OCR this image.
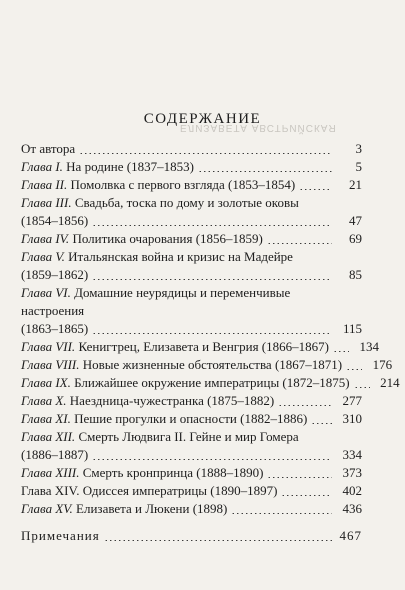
ЕЛИЗАВЕТА АВСТРИЙСКАЯ
СОДЕРЖАНИЕ
От автора	3
Глава I. На родине (1837–1853)	5
Глава II. Помолвка с первого взгляда (1853–1854)	21
Глава III. Свадьба, тоска по дому и золотые оковы
(1854–1856)	47
Глава IV. Политика очарования (1856–1859)	69
Глава V. Итальянская война и кризис на Мадейре
(1859–1862)	85
Глава VI. Домашние неурядицы и переменчивые настроения
(1863–1865)	115
Глава VII. Кенигтрец, Елизавета и Венгрия (1866–1867)	134
Глава VIII. Новые жизненные обстоятельства (1867–1871)	176
Глава IX. Ближайшее окружение императрицы (1872–1875)	214
Глава X. Наездница-чужестранка (1875–1882)	277
Глава XI. Пешие прогулки и опасности (1882–1886)	310
Глава XII. Смерть Людвига II. Гейне и мир Гомера
(1886–1887)	334
Глава XIII. Смерть кронпринца (1888–1890)	373
Глава XIV. Одиссея императрицы (1890–1897)	402
Глава XV. Елизавета и Люкени (1898)	436
Примечания	467
